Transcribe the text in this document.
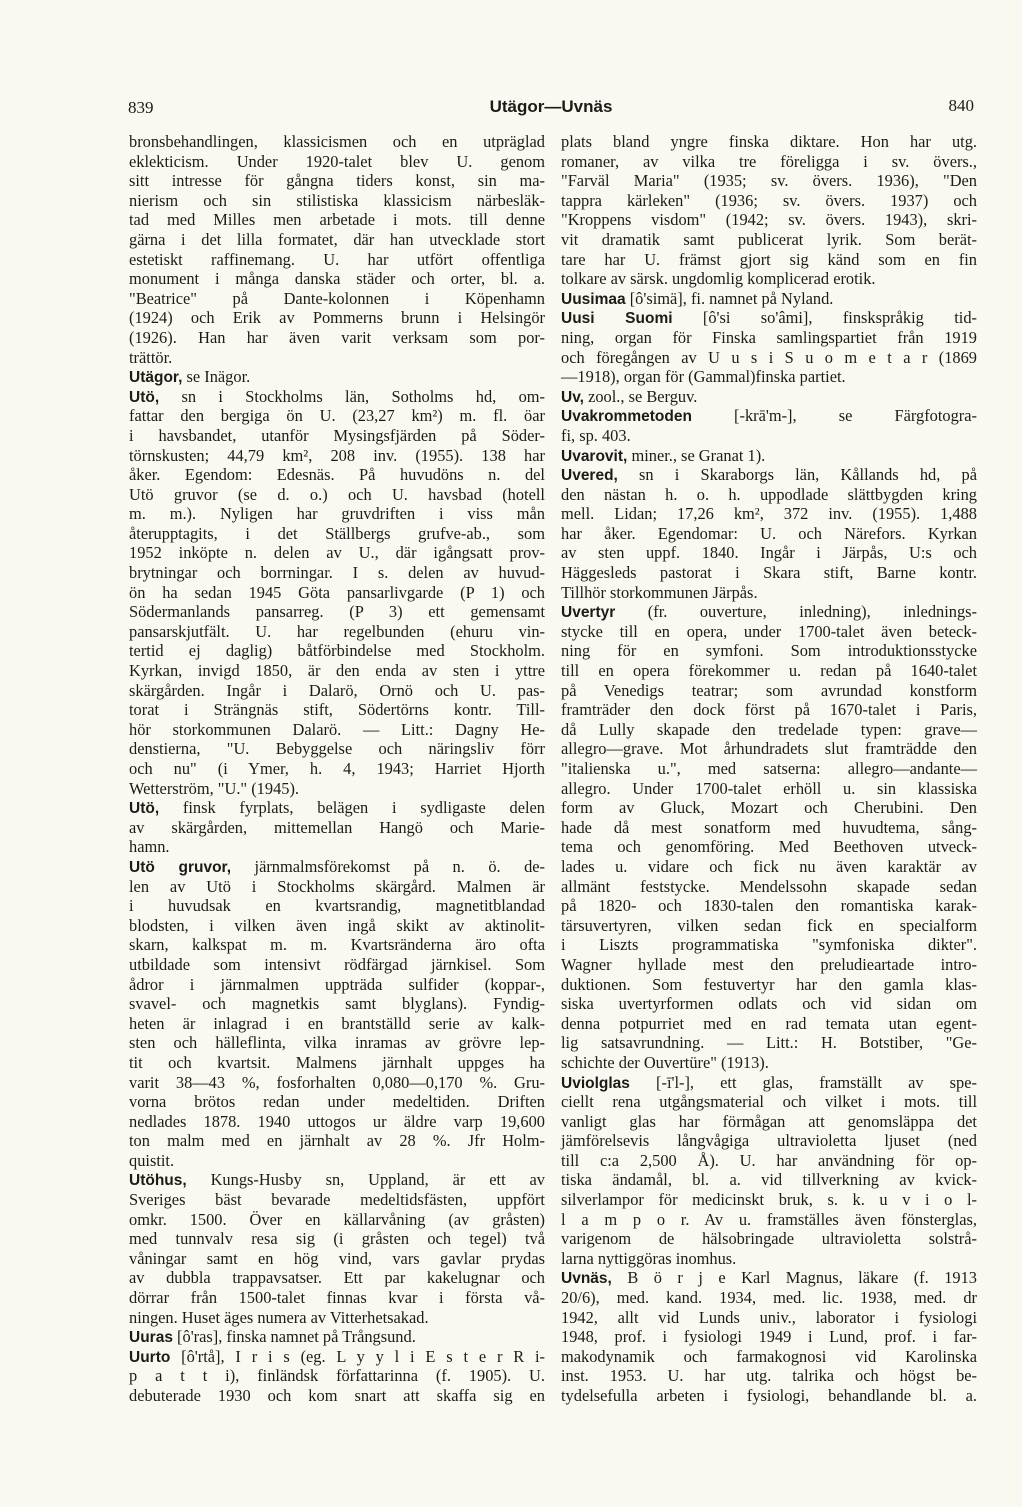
839	Utägor—Uvnäs	840
bronsbehandlingen, klassicismen och en utpräglad
eklekticism. Under 1920-talet blev U. genom
sitt intresse för gångna tiders konst, sin ma-
nierism och sin stilistiska klassicism närbesläk-
tad med Milles men arbetade i mots. till denne
gärna i det lilla formatet, där han utvecklade stort
estetiskt raffinemang. U. har utfört offentliga
monument i många danska städer och orter, bl. a.
"Beatrice" på Dante-kolonnen i Köpenhamn
(1924) och Erik av Pommerns brunn i Helsingör
(1926). Han har även varit verksam som por-
trättör.
Utägor, se Inägor.
Utö, sn i Stockholms län, Sotholms hd, om-
fattar den bergiga ön U. (23,27 km²) m. fl. öar
i havsbandet, utanför Mysingsfjärden på Söder-
törnskusten; 44,79 km², 208 inv. (1955). 138 har
åker. Egendom: Edesnäs. På huvudöns n. del
Utö gruvor (se d. o.) och U. havsbad (hotell
m. m.). Nyligen har gruvdriften i viss mån
återupptagits, i det Ställbergs grufve-ab., som
1952 inköpte n. delen av U., där igångsatt prov-
brytningar och borrningar. I s. delen av huvud-
ön ha sedan 1945 Göta pansarlivgarde (P 1) och
Södermanlands pansarreg. (P 3) ett gemensamt
pansarskjutfält. U. har regelbunden (ehuru vin-
tertid ej daglig) båtförbindelse med Stockholm.
Kyrkan, invigd 1850, är den enda av sten i yttre
skärgården. Ingår i Dalarö, Ornö och U. pas-
torat i Strängnäs stift, Södertörns kontr. Till-
hör storkommunen Dalarö. — Litt.: Dagny He-
denstierna, "U. Bebyggelse och näringsliv förr
och nu" (i Ymer, h. 4, 1943; Harriet Hjorth
Wetterström, "U." (1945).
Utö, finsk fyrplats, belägen i sydligaste delen
av skärgården, mittemellan Hangö och Marie-
hamn.
Utö gruvor, järnmalmsförekomst på n. ö. de-
len av Utö i Stockholms skärgård. Malmen är
i huvudsak en kvartsrandig, magnetitblandad
blodsten, i vilken även ingå skikt av aktinolit-
skarn, kalkspat m. m. Kvartsränderna äro ofta
utbildade som intensivt rödfärgad järnkisel. Som
ådror i järnmalmen uppträda sulfider (koppar-,
svavel- och magnetkis samt blyglans). Fyndig-
heten är inlagrad i en brantställd serie av kalk-
sten och hälleflinta, vilka inramas av grövre lep-
tit och kvartsit. Malmens järnhalt uppges ha
varit 38—43 %, fosforhalten 0,080—0,170 %. Gru-
vorna brötos redan under medeltiden. Driften
nedlades 1878. 1940 uttogos ur äldre varp 19,600
ton malm med en järnhalt av 28 %. Jfr Holm-
quistit.
Utöhus, Kungs-Husby sn, Uppland, är ett av
Sveriges bäst bevarade medeltidsfästen, uppfört
omkr. 1500. Över en källarvåning (av gråsten)
med tunnvalv resa sig (i gråsten och tegel) två
våningar samt en hög vind, vars gavlar prydas
av dubbla trappavsatser. Ett par kakelugnar och
dörrar från 1500-talet finnas kvar i första vå-
ningen. Huset äges numera av Vitterhetsakad.
Uuras [ô'ras], finska namnet på Trångsund.
Uurto [ô'rtå], I r i s (eg. L y y l i E s t e r R i-
p a t t i), finländsk författarinna (f. 1905). U.
debuterade 1930 och kom snart att skaffa sig en
plats bland yngre finska diktare. Hon har utg.
romaner, av vilka tre föreligga i sv. övers.,
"Farväl Maria" (1935; sv. övers. 1936), "Den
tappra kärleken" (1936; sv. övers. 1937) och
"Kroppens visdom" (1942; sv. övers. 1943), skri-
vit dramatik samt publicerat lyrik. Som berät-
tare har U. främst gjort sig känd som en fin
tolkare av särsk. ungdomlig komplicerad erotik.
Uusimaa [ô'simä], fi. namnet på Nyland.
Uusi Suomi [ô'si so'âmi], finskspråkig tid-
ning, organ för Finska samlingspartiet från 1919
och föregången av U u s i S u o m e t a r (1869
—1918), organ för (Gammal)finska partiet.
Uv, zool., se Berguv.
Uvakrommetoden [-krā'm-], se Färgfotogra-
fi, sp. 403.
Uvarovit, miner., se Granat 1).
Uvered, sn i Skaraborgs län, Kållands hd, på
den nästan h. o. h. uppodlade slättbygden kring
mell. Lidan; 17,26 km², 372 inv. (1955). 1,488
har åker. Egendomar: U. och Närefors. Kyrkan
av sten uppf. 1840. Ingår i Järpås, U:s och
Häggesleds pastorat i Skara stift, Barne kontr.
Tillhör storkommunen Järpås.
Uvertyr (fr. ouverture, inledning), inlednings-
stycke till en opera, under 1700-talet även beteck-
ning för en symfoni. Som introduktionsstycke
till en opera förekommer u. redan på 1640-talet
på Venedigs teatrar; som avrundad konstform
framträder den dock först på 1670-talet i Paris,
då Lully skapade den tredelade typen: grave—
allegro—grave. Mot århundradets slut framträdde den
"italienska u.", med satserna: allegro—andante—
allegro. Under 1700-talet erhöll u. sin klassiska
form av Gluck, Mozart och Cherubini. Den
hade då mest sonatform med huvudtema, sång-
tema och genomföring. Med Beethoven utveck-
lades u. vidare och fick nu även karaktär av
allmänt feststycke. Mendelssohn skapade sedan
på 1820- och 1830-talen den romantiska karak-
tärsuvertyren, vilken sedan fick en specialform
i Liszts programmatiska "symfoniska dikter".
Wagner hyllade mest den preludieartade intro-
duktionen. Som festuvertyr har den gamla klas-
siska uvertyrformen odlats och vid sidan om
denna potpurriet med en rad temata utan egent-
lig satsavrundning. — Litt.: H. Botstiber, "Ge-
schichte der Ouvertüre" (1913).
Uviolglas [-ī'l-], ett glas, framställt av spe-
ciellt rena utgångsmaterial och vilket i mots. till
vanligt glas har förmågan att genomsläppa det
jämförelsevis långvågiga ultravioletta ljuset (ned
till c:a 2,500 Å). U. har användning för op-
tiska ändamål, bl. a. vid tillverkning av kvick-
silverlampor för medicinskt bruk, s. k. u v i o l-
l a m p o r. Av u. framställes även fönsterglas,
varigenom de hälsobringade ultravioletta solstrå-
larna nyttiggöras inomhus.
Uvnäs, B ö r j e Karl Magnus, läkare (f. 1913
20/6), med. kand. 1934, med. lic. 1938, med. dr
1942, allt vid Lunds univ., laborator i fysiologi
1948, prof. i fysiologi 1949 i Lund, prof. i far-
makodynamik och farmakognosi vid Karolinska
inst. 1953. U. har utg. talrika och högst be-
tydelsefulla arbeten i fysiologi, behandlande bl. a.
